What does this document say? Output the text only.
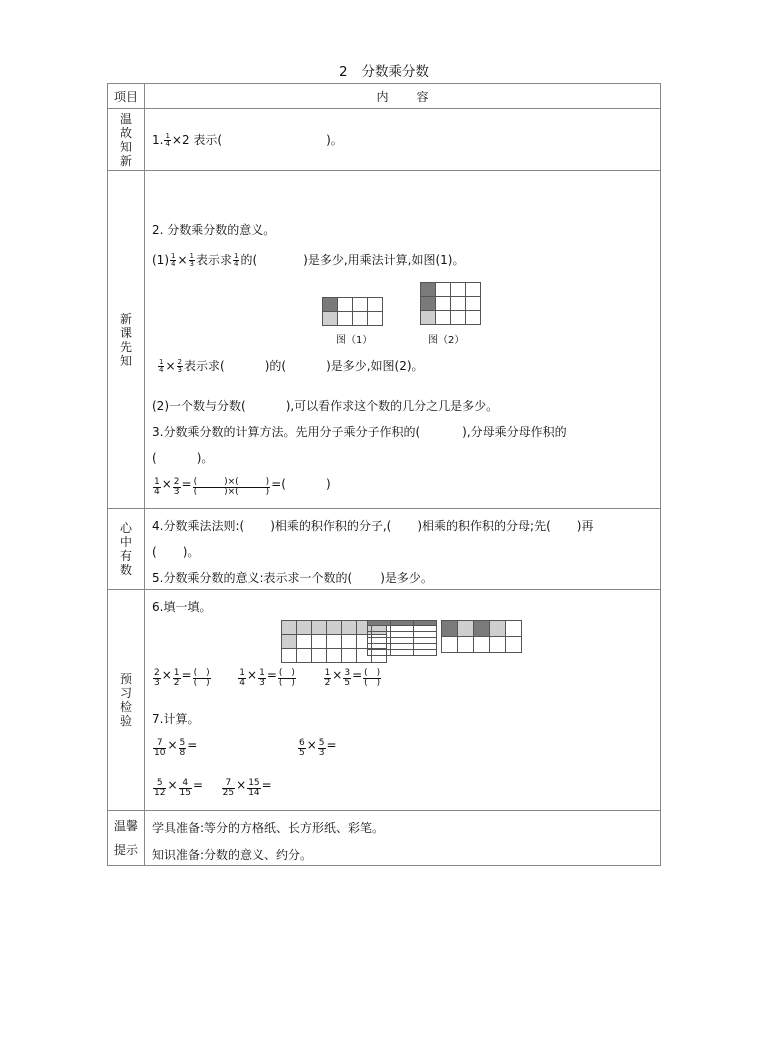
2 分数乘分数
项目	内 容

温
故
知
新

1. $\frac{1}{4} \times 2$ 表示(	)。

新
课
先
知

2. 分数乘分数的意义。
$(1) \frac{1}{4} \times \frac{1}{3}$ 表示求 $\frac{1}{4}$ 的(	)是多少,用乘法计算,如图(1)。

图（1）

				图（2）
$\frac{1}{4} \times \frac{2}{3}$ 表示求(	)的(	)是多少,如图(2)。
(2)一个数与分数(	),可以看作求这个数的几分之几是多少。
3.分数乘分数的计算方法。先用分子乘分子作积的(	),分母乘分母作积的
(	)。
$\frac{1}{4} \times \frac{2}{3}$ = (　　　)×(　　　)
(　　　)×(　　　)
=(	)

心
中
有
数

4.分数乘法法则:( )相乘的积作积的分子,( )相乘的积作积的分母;先( )再
( )。
5.分数乘分数的意义:表示求一个数的( )是多少。

预
习
检
验

6.填一填。

$\frac{2}{3} \times \frac{1}{2}$ = (　)
(　)
	$\frac{1}{4} \times \frac{1}{3}$ = (　)
(　)
	$\frac{1}{2} \times \frac{3}{5}$ = (　)
(　)
7.计算。
$\frac{7}{10} \times \frac{5}{8}$ =	$\frac{6}{5} \times \frac{5}{3}$ =
$\frac{5}{12} \times \frac{4}{15} = \frac{7}{25} \times \frac{15}{14}$ =

温馨
提示

学具准备:等分的方格纸、长方形纸、彩笔。
知识准备:分数的意义、约分。
